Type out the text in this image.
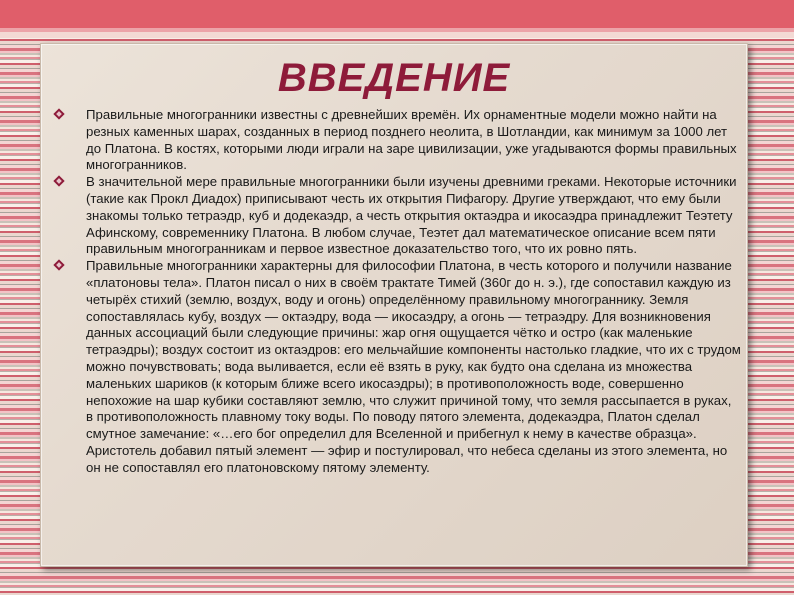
ВВЕДЕНИЕ
Правильные многогранники известны с древнейших времён. Их орнаментные модели можно найти на резных каменных шарах, созданных в период позднего неолита, в Шотландии, как минимум за 1000 лет до Платона. В костях, которыми люди играли на заре цивилизации, уже угадываются формы правильных многогранников.
В значительной мере правильные многогранники были изучены древними греками. Некоторые источники (такие как Прокл Диадох) приписывают честь их открытия Пифагору. Другие утверждают, что ему были знакомы только тетраэдр, куб и додекаэдр, а честь открытия октаэдра и икосаэдра принадлежит Теэтету Афинскому, современнику Платона. В любом случае, Теэтет дал математическое описание всем пяти правильным многогранникам и первое известное доказательство того, что их ровно пять.
Правильные многогранники характерны для философии Платона, в честь которого и получили название «платоновы тела». Платон писал о них в своём трактате Тимей (360г до н. э.), где сопоставил каждую из четырёх стихий (землю, воздух, воду и огонь) определённому правильному многограннику. Земля сопоставлялась кубу, воздух — октаэдру, вода — икосаэдру, а огонь — тетраэдру. Для возникновения данных ассоциаций были следующие причины: жар огня ощущается чётко и остро (как маленькие тетраэдры); воздух состоит из октаэдров: его мельчайшие компоненты настолько гладкие, что их с трудом можно почувствовать; вода выливается, если её взять в руку, как будто она сделана из множества маленьких шариков (к которым ближе всего икосаэдры); в противоположность воде, совершенно непохожие на шар кубики составляют землю, что служит причиной тому, что земля рассыпается в руках, в противоположность плавному току воды. По поводу пятого элемента, додекаэдра, Платон сделал смутное замечание: «…его бог определил для Вселенной и прибегнул к нему в качестве образца». Аристотель добавил пятый элемент — эфир и постулировал, что небеса сделаны из этого элемента, но он не сопоставлял его платоновскому пятому элементу.
